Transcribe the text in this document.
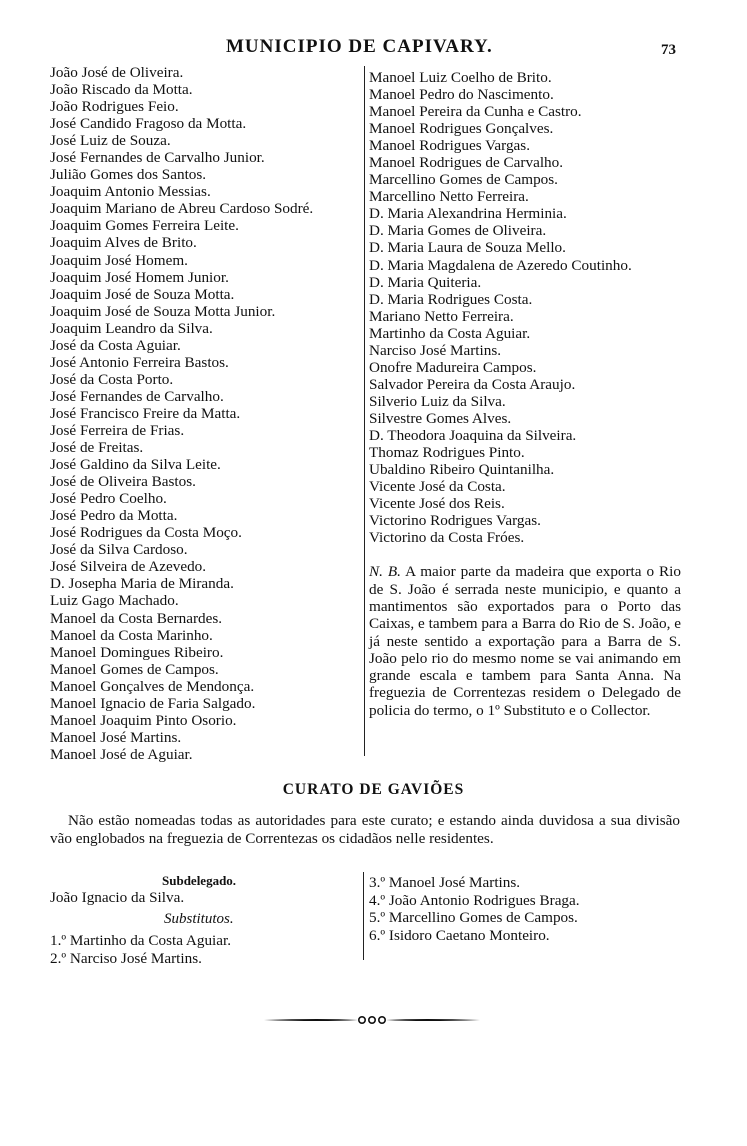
MUNICIPIO DE CAPIVARY.	73
João José de Oliveira.
João Riscado da Motta.
João Rodrigues Feio.
José Candido Fragoso da Motta.
José Luiz de Souza.
José Fernandes de Carvalho Junior.
Julião Gomes dos Santos.
Joaquim Antonio Messias.
Joaquim Mariano de Abreu Cardoso Sodré.
Joaquim Gomes Ferreira Leite.
Joaquim Alves de Brito.
Joaquim José Homem.
Joaquim José Homem Junior.
Joaquim José de Souza Motta.
Joaquim José de Souza Motta Junior.
Joaquim Leandro da Silva.
José da Costa Aguiar.
José Antonio Ferreira Bastos.
José da Costa Porto.
José Fernandes de Carvalho.
José Francisco Freire da Matta.
José Ferreira de Frias.
José de Freitas.
José Galdino da Silva Leite.
José de Oliveira Bastos.
José Pedro Coelho.
José Pedro da Motta.
José Rodrigues da Costa Moço.
José da Silva Cardoso.
José Silveira de Azevedo.
D. Josepha Maria de Miranda.
Luiz Gago Machado.
Manoel da Costa Bernardes.
Manoel da Costa Marinho.
Manoel Domingues Ribeiro.
Manoel Gomes de Campos.
Manoel Gonçalves de Mendonça.
Manoel Ignacio de Faria Salgado.
Manoel Joaquim Pinto Osorio.
Manoel José Martins.
Manoel José de Aguiar.
Manoel Luiz Coelho de Brito.
Manoel Pedro do Nascimento.
Manoel Pereira da Cunha e Castro.
Manoel Rodrigues Gonçalves.
Manoel Rodrigues Vargas.
Manoel Rodrigues de Carvalho.
Marcellino Gomes de Campos.
Marcellino Netto Ferreira.
D. Maria Alexandrina Herminia.
D. Maria Gomes de Oliveira.
D. Maria Laura de Souza Mello.
D. Maria Magdalena de Azeredo Coutinho.
D. Maria Quiteria.
D. Maria Rodrigues Costa.
Mariano Netto Ferreira.
Martinho da Costa Aguiar.
Narciso José Martins.
Onofre Madureira Campos.
Salvador Pereira da Costa Araujo.
Silverio Luiz da Silva.
Silvestre Gomes Alves.
D. Theodora Joaquina da Silveira.
Thomaz Rodrigues Pinto.
Ubaldino Ribeiro Quintanilha.
Vicente José da Costa.
Vicente José dos Reis.
Victorino Rodrigues Vargas.
Victorino da Costa Fróes.
N. B. A maior parte da madeira que exporta o Rio de S. João é serrada neste municipio, e quanto a mantimentos são exportados para o Porto das Caixas, e tambem para a Barra do Rio de S. João, e já neste sentido a exportação para a Barra de S. João pelo rio do mesmo nome se vai animando em grande escala e tambem para Santa Anna. Na freguezia de Correntezas residem o Delegado de policia do termo, o 1º Substituto e o Collector.
CURATO DE GAVIÕES
Não estão nomeadas todas as autoridades para este curato; e estando ainda duvidosa a sua divisão vão englobados na freguezia de Correntezas os cidadãos nelle residentes.
Subdelegado.
João Ignacio da Silva.
Substitutos.
1.º Martinho da Costa Aguiar.
2.º Narciso José Martins.
3.º Manoel José Martins.
4.º João Antonio Rodrigues Braga.
5.º Marcellino Gomes de Campos.
6.º Isidoro Caetano Monteiro.
